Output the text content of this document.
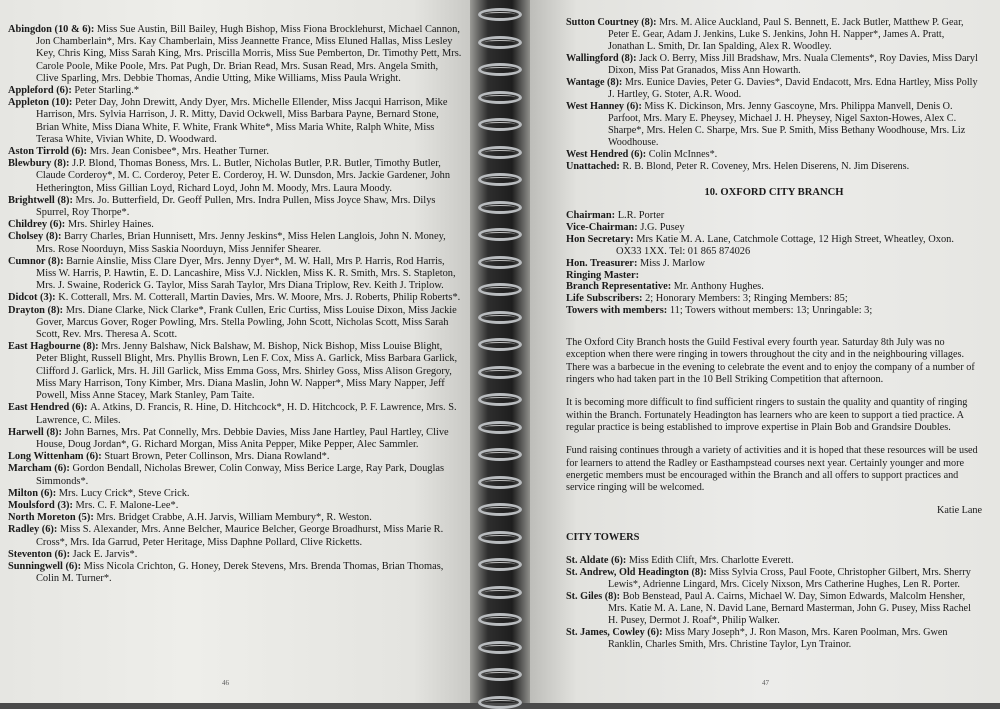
Abingdon (10 & 6): Miss Sue Austin, Bill Bailey, Hugh Bishop, Miss Fiona Brocklehurst, Michael Cannon, Jon Chamberlain*, Mrs. Kay Chamberlain, Miss Jeannette France, Miss Eluned Hallas, Miss Lesley Key, Chris King, Miss Sarah King, Mrs. Priscilla Morris, Miss Sue Pemberton, Dr. Timothy Pett, Mrs. Carole Poole, Mike Poole, Mrs. Pat Pugh, Dr. Brian Read, Mrs. Susan Read, Mrs. Angela Smith, Clive Sparling, Mrs. Debbie Thomas, Andie Utting, Mike Williams, Miss Paula Wright.

Appleford (6): Peter Starling.*

Appleton (10): Peter Day, John Drewitt, Andy Dyer, Mrs. Michelle Ellender, Miss Jacqui Harrison, Mike Harrison, Mrs. Sylvia Harrison, J. R. Mitty, David Ockwell, Miss Barbara Payne, Bernard Stone, Brian White, Miss Diana White, F. White, Frank White*, Miss Maria White, Ralph White, Miss Terasa White, Vivian White, D. Woodward.

Aston Tirrold (6): Mrs. Jean Conisbee*, Mrs. Heather Turner.

Blewbury (8): J.P. Blond, Thomas Boness, Mrs. L. Butler, Nicholas Butler, P.R. Butler, Timothy Butler, Claude Corderoy*, M. C. Corderoy, Peter E. Corderoy, H. W. Dunsdon, Mrs. Jackie Gardener, John Hetherington, Miss Gillian Loyd, Richard Loyd, John M. Moody, Mrs. Laura Moody.

Brightwell (8): Mrs. Jo. Butterfield, Dr. Geoff Pullen, Mrs. Indra Pullen, Miss Joyce Shaw, Mrs. Dilys Spurrel, Roy Thorpe*.

Childrey (6): Mrs. Shirley Haines.

Cholsey (8): Barry Charles, Brian Hunnisett, Mrs. Jenny Jeskins*, Miss Helen Langlois, John N. Money, Mrs. Rose Noorduyn, Miss Saskia Noorduyn, Miss Jennifer Shearer.

Cumnor (8): Barnie Ainslie, Miss Clare Dyer, Mrs. Jenny Dyer*, M. W. Hall, Mrs P. Harris, Rod Harris, Miss W. Harris, P. Hawtin, E. D. Lancashire, Miss V.J. Nicklen, Miss K. R. Smith, Mrs. S. Stapleton, Mrs. J. Swaine, Roderick G. Taylor, Miss Sarah Taylor, Mrs Diana Triplow, Rev. Keith J. Triplow.

Didcot (3): K. Cotterall, Mrs. M. Cotterall, Martin Davies, Mrs. W. Moore, Mrs. J. Roberts, Philip Roberts*.

Drayton (8): Mrs. Diane Clarke, Nick Clarke*, Frank Cullen, Eric Curtiss, Miss Louise Dixon, Miss Jackie Gover, Marcus Gover, Roger Powling, Mrs. Stella Powling, John Scott, Nicholas Scott, Miss Sarah Scott, Rev. Mrs. Theresa A. Scott.

East Hagbourne (8): Mrs. Jenny Balshaw, Nick Balshaw, M. Bishop, Nick Bishop, Miss Louise Blight, Peter Blight, Russell Blight, Mrs. Phyllis Brown, Len F. Cox, Miss A. Garlick, Miss Barbara Garlick, Clifford J. Garlick, Mrs. H. Jill Garlick, Miss Emma Goss, Mrs. Shirley Goss, Miss Alison Gregory, Miss Mary Harrison, Tony Kimber, Mrs. Diana Maslin, John W. Napper*, Miss Mary Napper, Jeff Powell, Miss Anne Stacey, Mark Stanley, Pam Taite.

East Hendred (6): A. Atkins, D. Francis, R. Hine, D. Hitchcock*, H. D. Hitchcock, P. F. Lawrence, Mrs. S. Lawrence, C. Miles.

Harwell (8): John Barnes, Mrs. Pat Connelly, Mrs. Debbie Davies, Miss Jane Hartley, Paul Hartley, Clive House, Doug Jordan*, G. Richard Morgan, Miss Anita Pepper, Mike Pepper, Alec Sammler.

Long Wittenham (6): Stuart Brown, Peter Collinson, Mrs. Diana Rowland*.

Marcham (6): Gordon Bendall, Nicholas Brewer, Colin Conway, Miss Berice Large, Ray Park, Douglas Simmonds*.

Milton (6): Mrs. Lucy Crick*, Steve Crick.

Moulsford (3): Mrs. C. F. Malone-Lee*.

North Moreton (5): Mrs. Bridget Crabbe, A.H. Jarvis, William Membury*, R. Weston.

Radley (6): Miss S. Alexander, Mrs. Anne Belcher, Maurice Belcher, George Broadhurst, Miss Marie R. Cross*, Mrs. Ida Garrud, Peter Heritage, Miss Daphne Pollard, Clive Ricketts.

Steventon (6): Jack E. Jarvis*.

Sunningwell (6): Miss Nicola Crichton, G. Honey, Derek Stevens, Mrs. Brenda Thomas, Brian Thomas, Colin M. Turner*.

46

Sutton Courtney (8): Mrs. M. Alice Auckland, Paul S. Bennett, E. Jack Butler, Matthew P. Gear, Peter E. Gear, Adam J. Jenkins, Luke S. Jenkins, John H. Napper*, James A. Pratt, Jonathan L. Smith, Dr. Ian Spalding, Alex R. Woodley.

Wallingford (8): Jack O. Berry, Miss Jill Bradshaw, Mrs. Nuala Clements*, Roy Davies, Miss Daryl Dixon, Miss Pat Granados, Miss Ann Howarth.

Wantage (8): Mrs. Eunice Davies, Peter G. Davies*, David Endacott, Mrs. Edna Hartley, Miss Polly J. Hartley, G. Stoter, A.R. Wood.

West Hanney (6): Miss K. Dickinson, Mrs. Jenny Gascoyne, Mrs. Philippa Manvell, Denis O. Parfoot, Mrs. Mary E. Pheysey, Michael J. H. Pheysey, Nigel Saxton-Howes, Alex C. Sharpe*, Mrs. Helen C. Sharpe, Mrs. Sue P. Smith, Miss Bethany Woodhouse, Mrs. Liz Woodhouse.

West Hendred (6): Colin McInnes*.

Unattached: R. B. Blond, Peter R. Coveney, Mrs. Helen Diserens, N. Jim Diserens.

10. OXFORD CITY BRANCH

Chairman: L.R. Porter

Vice-Chairman: J.G. Pusey

Hon Secretary: Mrs Katie M. A. Lane, Catchmole Cottage, 12 High Street, Wheatley, Oxon.

OX33 1XX. Tel: 01 865 874026

Hon. Treasurer: Miss J. Marlow

Ringing Master:

Branch Representative: Mr. Anthony Hughes.

Life Subscribers: 2; Honorary Members: 3; Ringing Members: 85;

Towers with members: 11; Towers without members: 13; Unringable: 3;

The Oxford City Branch hosts the Guild Festival every fourth year. Saturday 8th July was no exception when there were ringing in towers throughout the city and in the neighbouring villages. There was a barbecue in the evening to celebrate the event and to enjoy the company of a number of ringers who had taken part in the 10 Bell Striking Competition that afternoon.

It is becoming more difficult to find sufficient ringers to sustain the quality and quantity of ringing within the Branch. Fortunately Headington has learners who are keen to support a tied practice. A regular practice is being established to improve expertise in Plain Bob and Grandsire Doubles.

Fund raising continues through a variety of activities and it is hoped that these resources will be used for learners to attend the Radley or Easthampstead courses next year. Certainly younger and more energetic members must be encouraged within the Branch and all offers to support practices and service ringing will be welcomed.

Katie Lane
CITY TOWERS

St. Aldate (6): Miss Edith Clift, Mrs. Charlotte Everett.

St. Andrew, Old Headington (8): Miss Sylvia Cross, Paul Foote, Christopher Gilbert, Mrs. Sherry Lewis*, Adrienne Lingard, Mrs. Cicely Nixson, Mrs Catherine Hughes, Len R. Porter.

St. Giles (8): Bob Benstead, Paul A. Cairns, Michael W. Day, Simon Edwards, Malcolm Hensher, Mrs. Katie M. A. Lane, N. David Lane, Bernard Masterman, John G. Pusey, Miss Rachel H. Pusey, Dermot J. Roaf*, Philip Walker.

St. James, Cowley (6): Miss Mary Joseph*, J. Ron Mason, Mrs. Karen Poolman, Mrs. Gwen Ranklin, Charles Smith, Mrs. Christine Taylor, Lyn Trainor.

47
